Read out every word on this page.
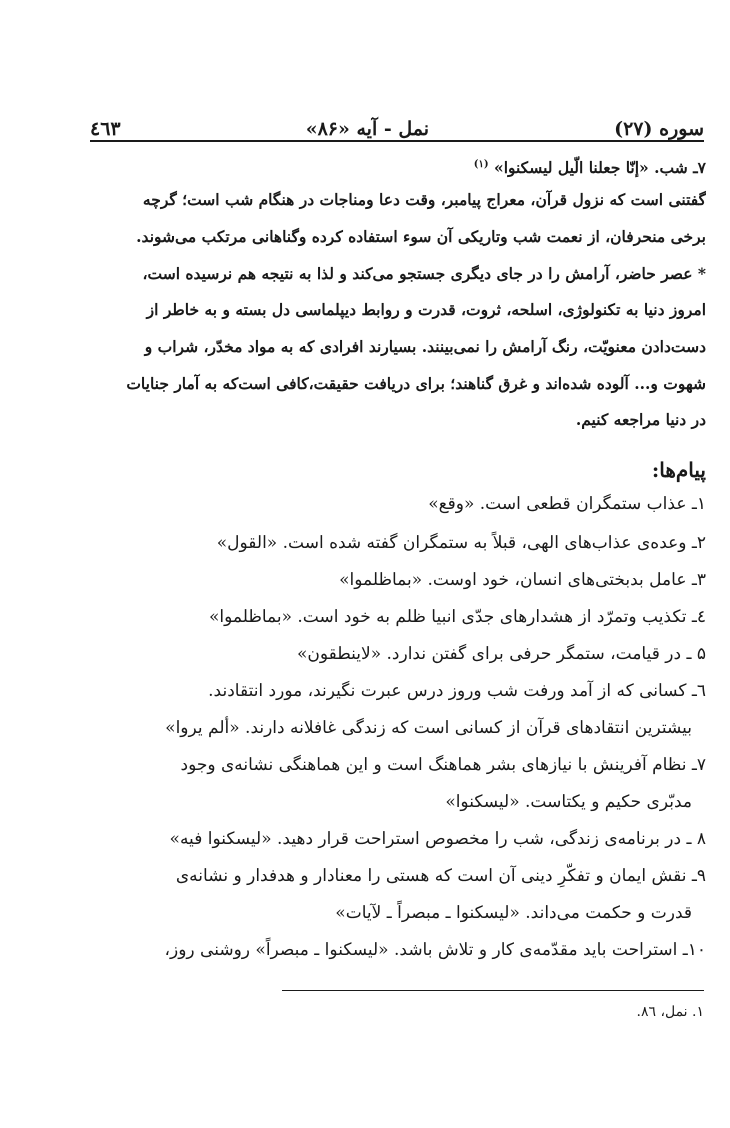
سوره (۲۷)
نمل - آیه «۸۶»
٤٦٣
۷ـ شب. «إنّا جعلنا الّیل لیسکنوا» $^{(۱)}$
گفتنی است که نزول قرآن، معراج پیامبر، وقت دعا ومناجات در هنگام شب است؛ گرچه
برخی منحرفان، از نعمت شب وتاریکی آن سوء استفاده کرده وگناهانی مرتکب می‌شوند.
* عصر حاضر، آرامش را در جای دیگری جستجو می‌کند و لذا به نتیجه هم نرسیده است،
امروز دنیا به تکنولوژی، اسلحه، ثروت، قدرت و روابط دیپلماسی دل بسته و به خاطر از
دست‌دادن معنویّت، رنگ آرامش را نمی‌بینند. بسیارند افرادی که به مواد مخدّر، شراب و
شهوت و... آلوده شده‌اند و غرق گناهند؛ برای دریافت حقیقت،کافی است‌که به آمار جنایات
در دنیا مراجعه کنیم.
پیام‌ها:
۱ـ عذاب ستمگران قطعی است. «وقع»
۲ـ وعده‌ی عذاب‌های الهی، قبلاً به ستمگران گفته شده است. «القول»
۳ـ عامل بدبختی‌های انسان، خود اوست. «بماظلموا»
٤ـ تکذیب وتمرّد از هشدارهای جدّی انبیا ظلم به خود است. «بماظلموا»
۵ ـ در قیامت، ستمگر حرفی برای گفتن ندارد. «لاینطقون»
٦ـ کسانی که از آمد ورفت شب وروز درس عبرت نگیرند، مورد انتقادند.
بیشترین انتقادهای قرآن از کسانی است که زندگی غافلانه دارند. «ألم یروا»
۷ـ نظام آفرینش با نیازهای بشر هماهنگ است و این هماهنگی نشانه‌ی وجود
مدبّری حکیم و یکتاست. «لیسکنوا»
۸ ـ در برنامه‌ی زندگی، شب را مخصوص استراحت قرار دهید. «لیسکنوا فیه»
۹ـ نقش ایمان و تفکّرِ دینی آن است که هستی را معنادار و هدفدار و نشانه‌ی
قدرت و حکمت می‌داند. «لیسکنوا ـ مبصراً ـ لآیات»
۱۰ـ استراحت باید مقدّمه‌ی کار و تلاش باشد. «لیسکنوا ـ مبصراً» روشنی روز،
۱. نمل، ۸٦.
